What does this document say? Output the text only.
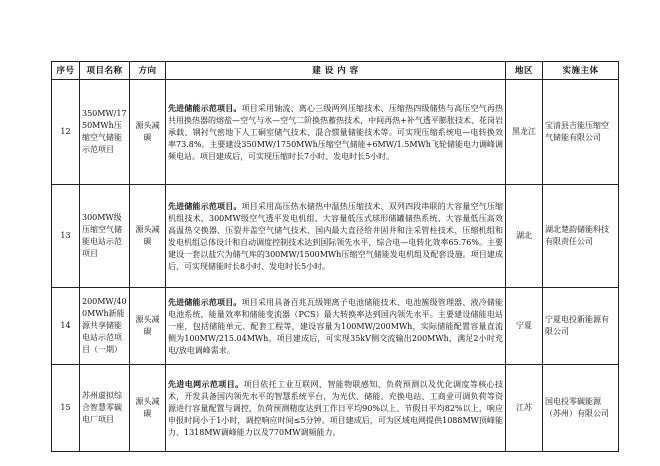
序号	项目名称	方向	建 设 内 容	地区	实施主体
12	350MW/1750MWh压缩空气储能示范项目	源头减碳	先进储能示范项目。项目采用轴流、离心三级两列压缩技术、压缩热四级储热与高压空气再热共用换热器的熔盐—空气与水—空气二阶换热蓄热技术，中间再热+补气透平膨胀技术、花岗岩承载、钢衬气密地下人工硐室储气技术、混合惯量储能技术等。可实现压缩系统电—电转换效率73.8%。主要建设350MW/1750MWh压缩空气储能+6MW/1.5MWh飞轮储能电力调峰调频电站。项目建成后，可实现压缩时长7小时、发电时长5小时。	黑龙江	宝清县吉能压缩空气储能有限公司
13	300MW级压缩空气储能电站示范项目	源头减碳	先进储能示范项目。项目采用高压热水储热中温热压缩技术、双列四段串联的大容量空气压缩机组技术、300MW级空气透平发电机组、大容量低压式球形储罐储热系统、大容量低压高效高温热交换器、压裂井盖空气储气技术、国内最大直径给井固井和注采管柱技术、压缩机组和发电机组总体设计和自动调度控制技术达到国际领先水平，综合电—电转化效率65.76%。主要建设一套以盐穴为储气库的300MW/1500MWh压缩空气储能发电机组及配套设施。项目建成后，可实现储能时长8小时、发电时长5小时。	湖北	湖北楚韵储能科技有限责任公司
14	200MW/400MWh新能源共享储能电站示范项目（一期）	源头减碳	先进储能示范项目。项目采用具备百兆瓦级锂离子电池储能技术、电池簇级管理器、液冷储能电池系统，能量效率和储能变流器（PCS）最大转换率达到国内领先水平。主要建设储能电站一座，包括储能单元、配套工程等，建设容量为100MW/200MWh，实际储能配置容量直流侧为100MW/215.04MWh。项目建成后，可实现35kV侧交流输出200MWh，满足2小时充电/放电调峰需求。	宁夏	宁夏电投新能源有限公司
15	苏州虚拟综合智慧零碳电厂项目	源头减碳	先进电网示范项目。项目依托工业互联网、智能物联感知、负荷预测以及优化调度等核心技术，开发具备国内领先水平的智慧系统平台，为光伏、储能、充换电站、工商业可调负荷等资源进行容量配置与调控，负荷预测精度达到工作日平均90%以上、节假日平均82%以上，响应申报时间小于1小时，调控响应时间≤5分钟。项目建成后，可为区域电网提供1088MW顶峰能力、1318MW调峰能力以及770MW调频能力。	江苏	国电投零碳能源（苏州）有限公司
